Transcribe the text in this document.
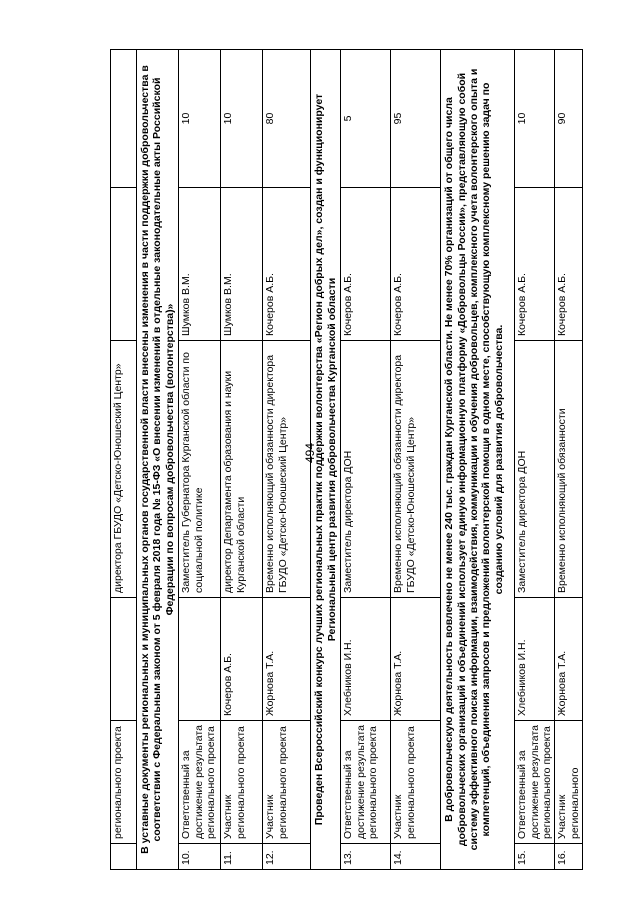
494
	регионального проекта		директора ГБУДО «Детско-Юношеский Центр»		
В уставные документы региональных и муниципальных органов государственной власти внесены изменения в части поддержки добровольчества в соответствии с Федеральным законом от 5 февраля 2018 года № 15-ФЗ «О внесении изменений в отдельные законодательные акты Российской Федерации по вопросам добровольчества (волонтерства)»					
10.	Ответственный за достижение результата регионального проекта		Заместитель Губернатора Курганской области по социальной политике	Шумков В.М.	10
11.	Участник регионального проекта	Кочеров А.Б.	директор Департамента образования и науки Курганской области	Шумков В.М.	10
12.	Участник регионального проекта	Жорнова Т.А.	Временно исполняющий обязанности директора ГБУДО «Детско-Юношеский Центр»	Кочеров А.Б.	80
Проведен Всероссийский конкурс лучших региональных практик поддержки волонтерства «Регион добрых дел», создан и функционирует Региональный центр развития добровольчества Курганской области					
13.	Ответственный за достижение результата регионального проекта	Хлебников И.Н.	Заместитель директора ДОН	Кочеров А.Б.	5
14.	Участник регионального проекта	Жорнова Т.А.	Временно исполняющий обязанности директора ГБУДО «Детско-Юношеский Центр»	Кочеров А.Б.	95
В добровольческую деятельность вовлечено не менее 240 тыс. граждан Курганской области. Не менее 70% организаций от общего числа добровольческих организаций и объединений использует единую информационную платформу «Добровольцы России», представляющую собой систему эффективного поиска информации, взаимодействия, коммуникации и обучения добровольцев, комплексного учета волонтерского опыта и компетенций, объединения запросов и предложений волонтерской помощи в одном месте, способствующую комплексному решению задач по созданию условий для развития добровольчества.					
15.	Ответственный за достижение результата регионального проекта	Хлебников И.Н.	Заместитель директора ДОН	Кочеров А.Б.	10
16.	Участник регионального	Жорнова Т.А.	Временно исполняющий обязанности	Кочеров А.Б.	90
